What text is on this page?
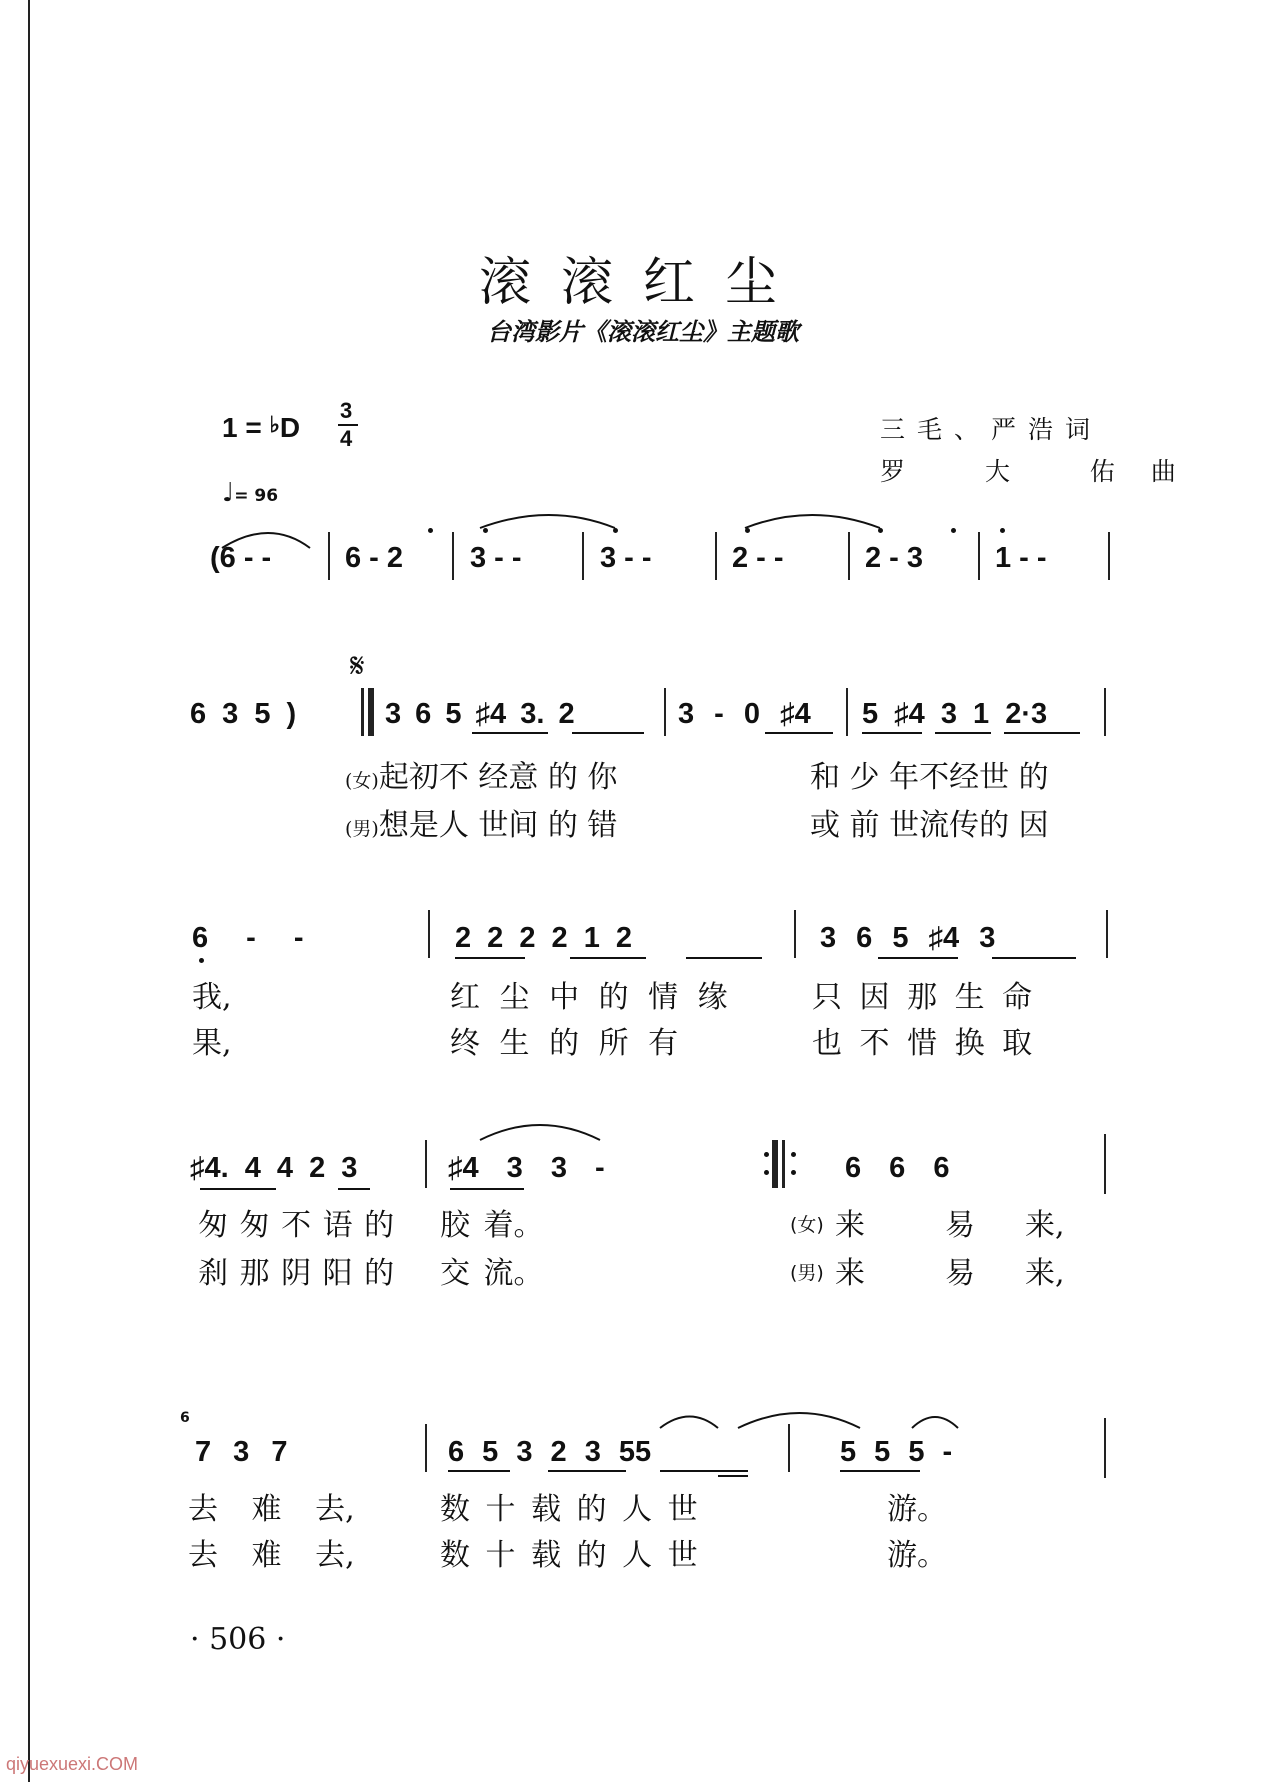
滚滚红尘
台湾影片《滚滚红尘》主题歌
1 = ♭D
3
4
♩= 96
三毛、严浩词
罗 大 佑曲
(6 - -	6 - 2 3 - -	3 - -	2 - -	2 - 3 1 - -
6 3 5 )
𝄋
3 6 5 ♯4 3. 2	3 - 0 ♯4 5 ♯4 3 1 2·3
(女)起初不 经意 的 你	和 少 年不经世 的
(男)想是人 世间 的 错	或 前 世流传的 因
6 - -	2 2 2 2 1 2	3 6 5 ♯4 3
我,	红 尘 中 的 情 缘	只 因 那 生 命
果,	终 生 的 所 有	也 不 惜 换 取
♯4. 4 4 2 3	♯4 3 3 -	6 6 6
匆 匆 不 语 的 胶 着。	(女) 来	易 来,
刹 那 阴 阳 的 交 流。	(男) 来	易 来,
6
7 3 7	6 5 3 2 3 55	5 5 5 -
去 难 去,	数 十 载 的 人 世	游。
去 难 去,	数 十 载 的 人 世	游。
· 506 ·
qiyuexuexi.COM
